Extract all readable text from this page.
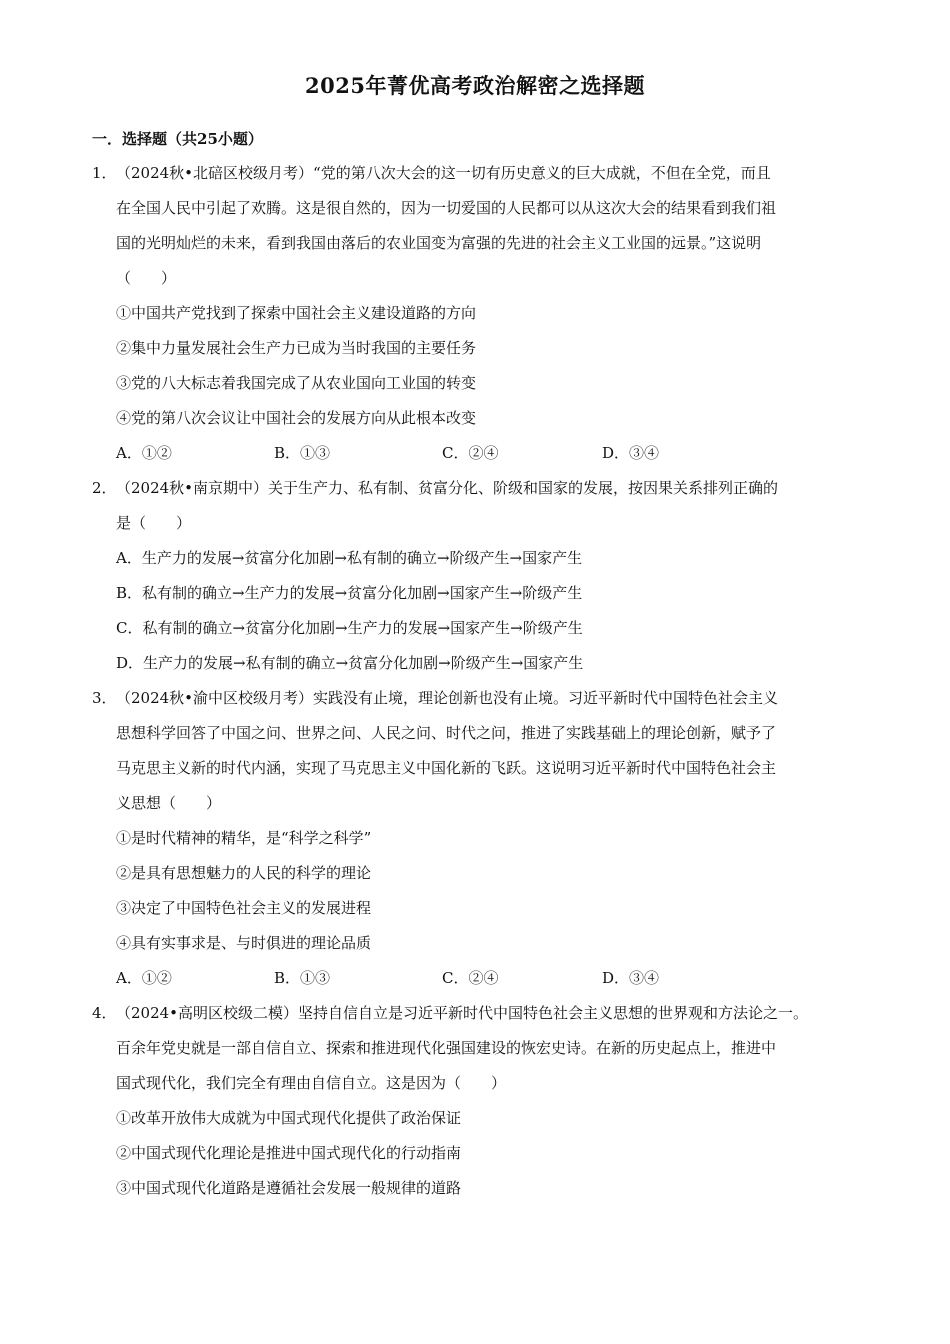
2025年菁优高考政治解密之选择题
一．选择题（共25小题）
1．（2024秋•北碚区校级月考）“党的第八次大会的这一切有历史意义的巨大成就，不但在全党，而且
在全国人民中引起了欢腾。这是很自然的，因为一切爱国的人民都可以从这次大会的结果看到我们祖
国的光明灿烂的未来，看到我国由落后的农业国变为富强的先进的社会主义工业国的远景。”这说明
（　　）
①中国共产党找到了探索中国社会主义建设道路的方向
②集中力量发展社会生产力已成为当时我国的主要任务
③党的八大标志着我国完成了从农业国向工业国的转变
④党的第八次会议让中国社会的发展方向从此根本改变
A．①②	B．①③	C．②④	D．③④
2．（2024秋•南京期中）关于生产力、私有制、贫富分化、阶级和国家的发展，按因果关系排列正确的
是（　　）
A．生产力的发展→贫富分化加剧→私有制的确立→阶级产生→国家产生
B．私有制的确立→生产力的发展→贫富分化加剧→国家产生→阶级产生
C．私有制的确立→贫富分化加剧→生产力的发展→国家产生→阶级产生
D．生产力的发展→私有制的确立→贫富分化加剧→阶级产生→国家产生
3．（2024秋•渝中区校级月考）实践没有止境，理论创新也没有止境。习近平新时代中国特色社会主义
思想科学回答了中国之问、世界之问、人民之问、时代之问，推进了实践基础上的理论创新，赋予了
马克思主义新的时代内涵，实现了马克思主义中国化新的飞跃。这说明习近平新时代中国特色社会主
义思想（　　）
①是时代精神的精华，是“科学之科学”
②是具有思想魅力的人民的科学的理论
③决定了中国特色社会主义的发展进程
④具有实事求是、与时俱进的理论品质
A．①②	B．①③	C．②④	D．③④
4．（2024•高明区校级二模）坚持自信自立是习近平新时代中国特色社会主义思想的世界观和方法论之一。
百余年党史就是一部自信自立、探索和推进现代化强国建设的恢宏史诗。在新的历史起点上，推进中
国式现代化，我们完全有理由自信自立。这是因为（　　）
①改革开放伟大成就为中国式现代化提供了政治保证
②中国式现代化理论是推进中国式现代化的行动指南
③中国式现代化道路是遵循社会发展一般规律的道路
